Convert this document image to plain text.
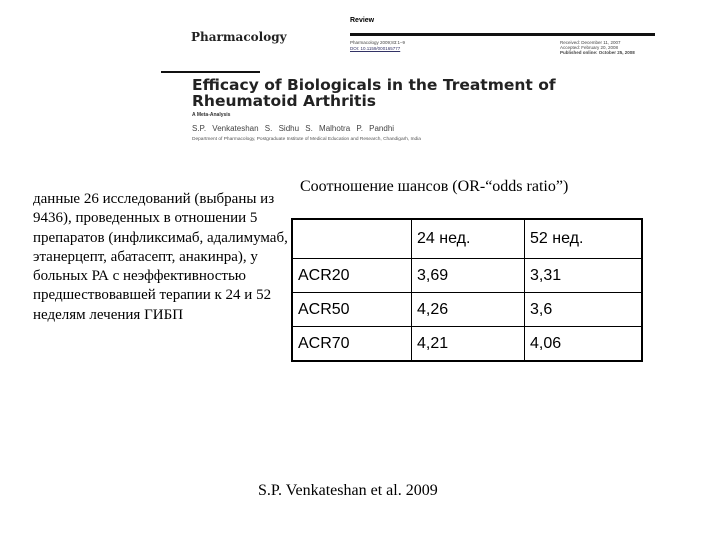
Pharmacology
Review
Pharmacology 2009;83:1–9
DOI: 10.1159/000165777
Received: December 11, 2007
Accepted: February 20, 2008
Published online: October 25, 2008
Efficacy of Biologicals in the Treatment of
Rheumatoid Arthritis
A Meta-Analysis
S.P. Venkateshan S. Sidhu S. Malhotra P. Pandhi
Department of Pharmacology, Postgraduate Institute of Medical Education and Research, Chandigarh, India
данные 26 исследований (выбраны из 9436), проведенных в отношении 5 препаратов (инфликсимаб, адалимумаб, этанерцепт, абатасепт, анакинра), у больных РА с неэффективностью предшествовавшей терапии к 24 и 52 неделям лечения ГИБП
Соотношение шансов (OR-“odds ratio”)
	24 нед.	52 нед.
ACR20	3,69	3,31
ACR50	4,26	3,6
ACR70	4,21	4,06
S.P. Venkateshan et al. 2009
